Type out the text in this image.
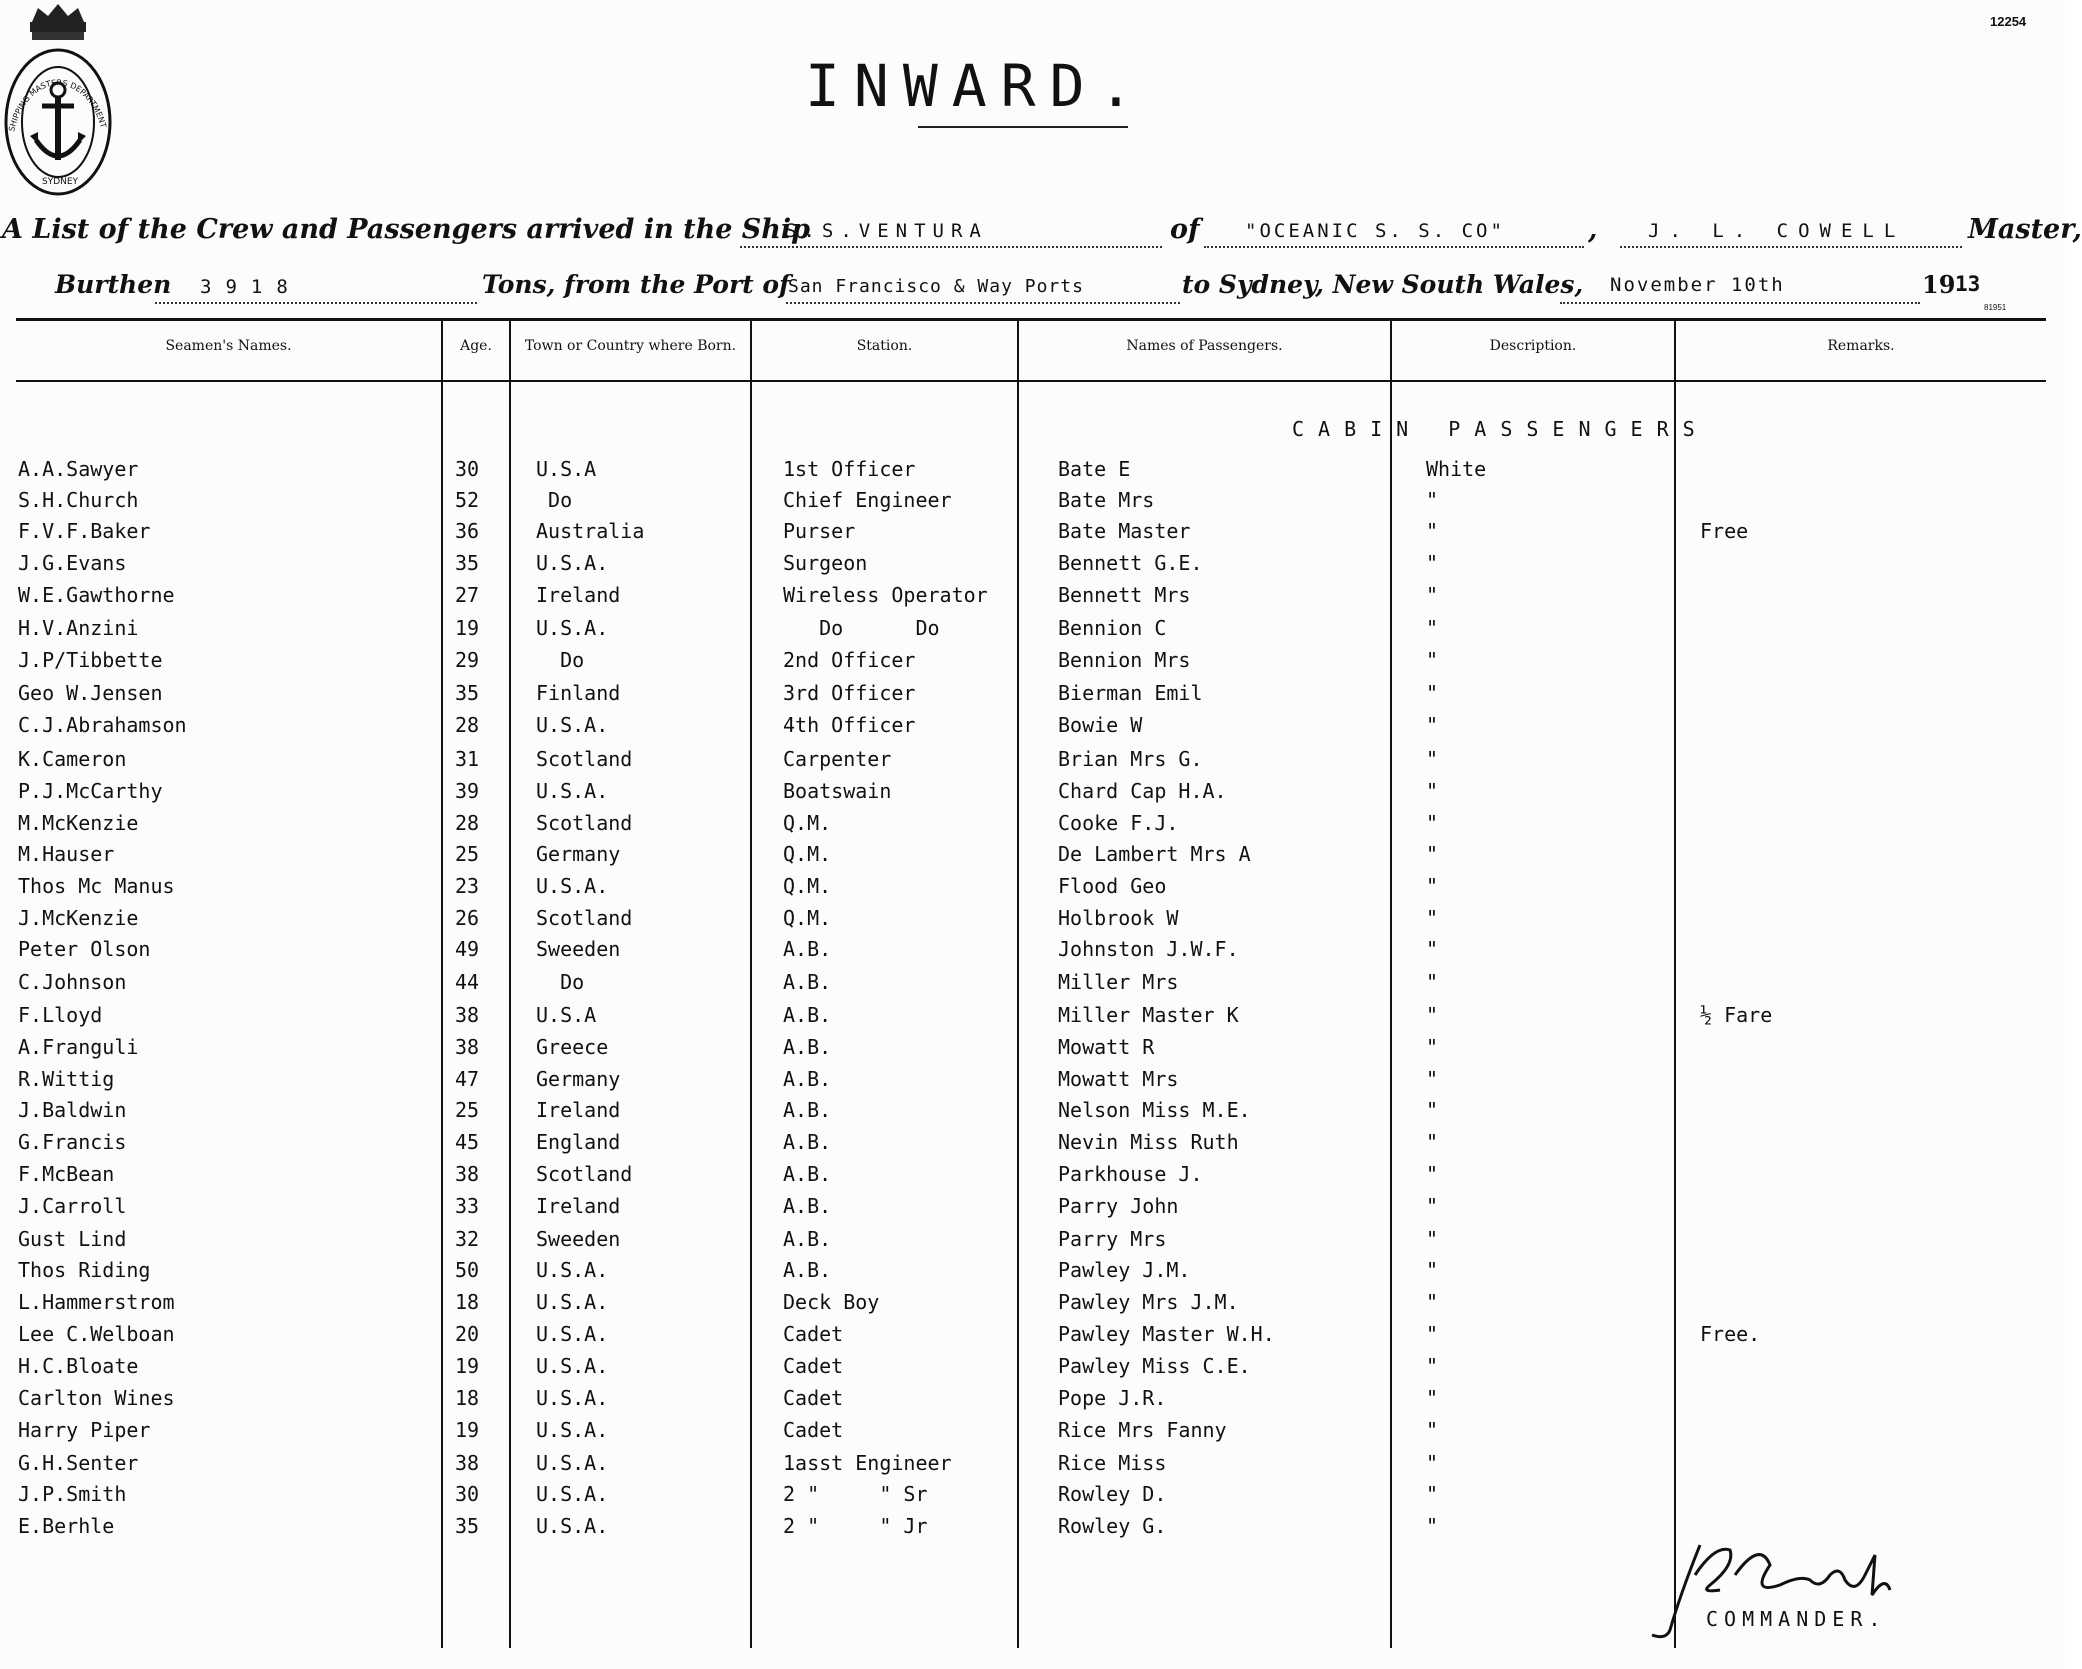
SHIPPING MASTERS DEPARTMENT
SYDNEY
12254
INWARD.
A List of the Crew and Passengers arrived in the Ship
S.S.VENTURA	of "OCEANIC S. S. CO"	,	J. L. COWELL Master,
Burthen 3918	Tons, from the Port of
San Francisco & Way Ports	to Sydney, New South Wales, November 10th	19 13
81951
Seamen's Names.	Age.	Town or Country where Born.	Station.	Names of Passengers.	Description.	Remarks.
CABIN PASSENGERS
A.A.Sawyer	30	U.S.A	1st Officer	Bate E	White
S.H.Church	52	Do	Chief Engineer	Bate Mrs	"
F.V.F.Baker	36	Australia	Purser	Bate Master	"	Free
J.G.Evans	35	U.S.A.	Surgeon	Bennett G.E.	"
W.E.Gawthorne	27	Ireland	Wireless Operator	Bennett Mrs	"
H.V.Anzini	19	U.S.A.	Do      Do	Bennion C	"
J.P/Tibbette	29	Do	2nd Officer	Bennion Mrs	"
Geo W.Jensen	35	Finland	3rd Officer	Bierman Emil	"
C.J.Abrahamson	28	U.S.A.	4th Officer	Bowie W	"
K.Cameron	31	Scotland	Carpenter	Brian Mrs G.	"
P.J.McCarthy	39	U.S.A.	Boatswain	Chard Cap H.A.	"
M.McKenzie	28	Scotland	Q.M.	Cooke F.J.	"
M.Hauser	25	Germany	Q.M.	De Lambert Mrs A	"
Thos Mc Manus	23	U.S.A.	Q.M.	Flood Geo	"
J.McKenzie	26	Scotland	Q.M.	Holbrook W	"
Peter Olson	49	Sweeden	A.B.	Johnston J.W.F.	"
C.Johnson	44	Do	A.B.	Miller Mrs	"
F.Lloyd	38	U.S.A	A.B.	Miller Master K	"	½ Fare
A.Franguli	38	Greece	A.B.	Mowatt R	"
R.Wittig	47	Germany	A.B.	Mowatt Mrs	"
J.Baldwin	25	Ireland	A.B.	Nelson Miss M.E.	"
G.Francis	45	England	A.B.	Nevin Miss Ruth	"
F.McBean	38	Scotland	A.B.	Parkhouse J.	"
J.Carroll	33	Ireland	A.B.	Parry John	"
Gust Lind	32	Sweeden	A.B.	Parry Mrs	"
Thos Riding	50	U.S.A.	A.B.	Pawley J.M.	"
L.Hammerstrom	18	U.S.A.	Deck Boy	Pawley Mrs J.M.	"
Lee C.Welboan	20	U.S.A.	Cadet	Pawley Master W.H.	"	Free.
H.C.Bloate	19	U.S.A.	Cadet	Pawley Miss C.E.	"
Carlton Wines	18	U.S.A.	Cadet	Pope J.R.	"
Harry Piper	19	U.S.A.	Cadet	Rice Mrs Fanny	"
G.H.Senter	38	U.S.A.	1asst Engineer	Rice Miss	"
J.P.Smith	30	U.S.A.	2 "     " Sr	Rowley D.	"
E.Berhle	35	U.S.A.	2 "     " Jr	Rowley G.	"
COMMANDER.
